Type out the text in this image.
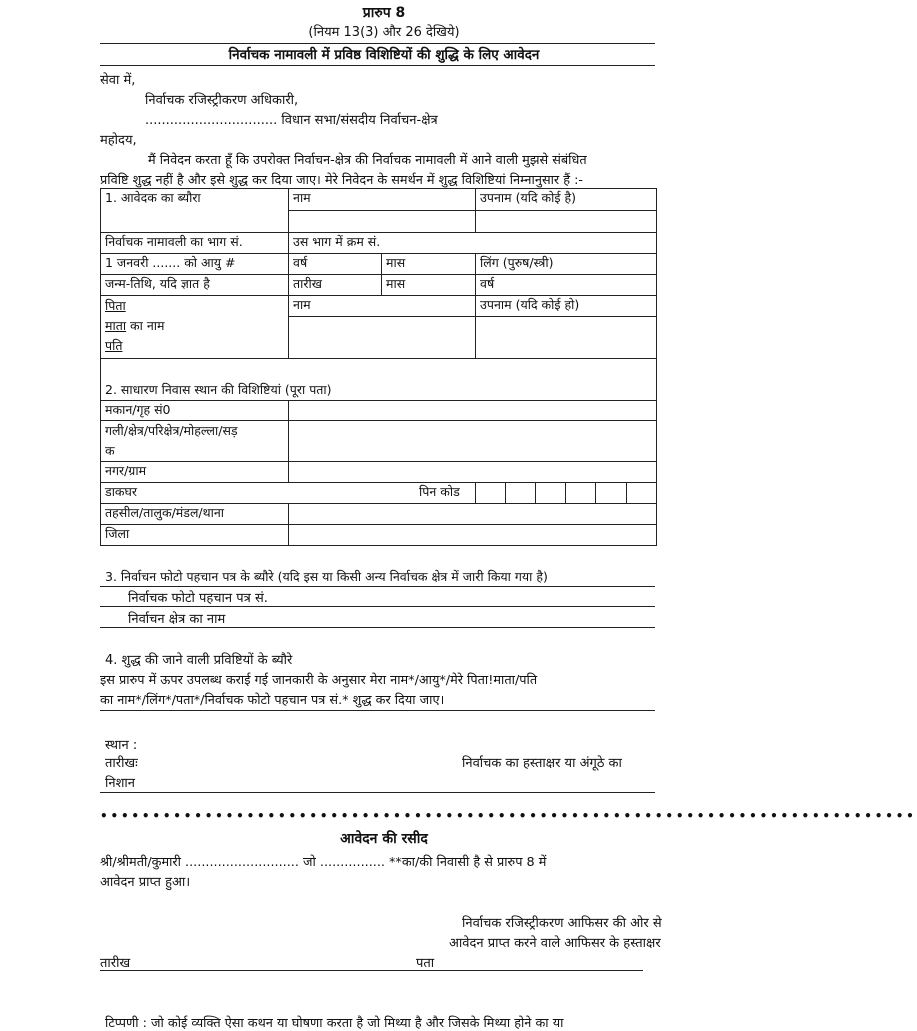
प्रारुप 8
(नियम 13(3) और 26 देखिये)
निर्वाचक नामावली में प्रविष्ठ विशिष्टियों की शुद्धि के लिए आवेदन
सेवा में,
निर्वाचक रजिस्ट्रीकरण अधिकारी,
................................ विधान सभा/संसदीय निर्वाचन-क्षेत्र
महोदय,
मैं निवेदन करता हूँ कि उपरोक्त निर्वाचन-क्षेत्र की निर्वाचक नामावली में आने वाली मुझसे संबंधित
प्रविष्टि शुद्ध नहीं है और इसे शुद्ध कर दिया जाए। मेरे निवेदन के समर्थन में शुद्ध विशिष्टियां निम्नानुसार हैं :-
1. आवेदक का ब्यौरा	नाम		उपनाम (यदि कोई है)					

निर्वाचक नामावली का भाग सं.	उस भाग में क्रम सं.							
1 जनवरी ....... को आयु #	वर्ष	मास	लिंग (पुरुष/स्त्री)					
जन्म-तिथि, यदि ज्ञात है	तारीख	मास	वर्ष					
पिता
माता का नाम
पति	नाम		उपनाम (यदि कोई हो)					

2. साधारण निवास स्थान की विशिष्टियां (पूरा पता)								
मकान/गृह सं0								
गली/क्षेत्र/परिक्षेत्र/मोहल्ला/सड़
क								
नगर/ग्राम								
डाकघर पिन कोड								

तहसील/तालुक/मंडल/थाना								
जिला								
3. निर्वाचन फोटो पहचान पत्र के ब्यौरे (यदि इस या किसी अन्य निर्वाचक क्षेत्र में जारी किया गया है)
निर्वाचक फोटो पहचान पत्र सं.
निर्वाचन क्षेत्र का नाम
4. शुद्ध की जाने वाली प्रविष्टियों के ब्यौरे
इस प्रारुप में ऊपर उपलब्ध कराई गई जानकारी के अनुसार मेरा नाम*/आयु*/मेरे पिता!माता/पति
का नाम*/लिंग*/पता*/निर्वाचक फोटो पहचान पत्र सं.* शुद्ध कर दिया जाए।
स्थान :
तारीखः	निर्वाचक का हस्ताक्षर या अंगूठे का
निशान
••••••••••••••••••••••••••••••••••••••••••••••••••••••••••••••••••••••••••••••
आवेदन की रसीद
श्री/श्रीमती/कुमारी ............................ जो ................ **का/की निवासी है से प्रारुप 8 में
आवेदन प्राप्त हुआ।
निर्वाचक रजिस्ट्रीकरण आफिसर की ओर से
आवेदन प्राप्त करने वाले आफिसर के हस्ताक्षर
तारीख	पता
टिप्पणी : जो कोई व्यक्ति ऐसा कथन या घोषणा करता है जो मिथ्या है और जिसके मिथ्या होने का या
